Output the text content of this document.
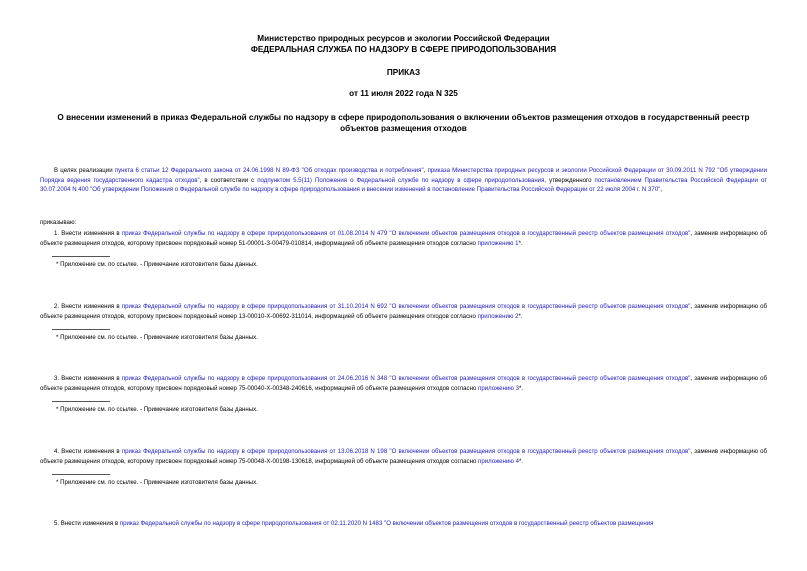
Министерство природных ресурсов и экологии Российской Федерации
ФЕДЕРАЛЬНАЯ СЛУЖБА ПО НАДЗОРУ В СФЕРЕ ПРИРОДОПОЛЬЗОВАНИЯ
ПРИКАЗ
от 11 июля 2022 года N 325
О внесении изменений в приказ Федеральной службы по надзору в сфере природопользования о включении объектов размещения отходов в государственный реестр объектов размещения отходов
В целях реализации пункта 6 статьи 12 Федерального закона от 24.06.1998 N 89-ФЗ "Об отходах производства и потребления", приказа Министерства природных ресурсов и экологии Российской Федерации от 30.09.2011 N 792 "Об утверждении Порядка ведения государственного кадастра отходов", в соответствии с подпунктом 5.5(11) Положения о Федеральной службе по надзору в сфере природопользования, утвержденного постановлением Правительства Российской Федерации от 30.07.2004 N 400 "Об утверждении Положения о Федеральной службе по надзору в сфере природопользования и внесении изменений в постановление Правительства Российской Федерации от 22 июля 2004 г. N 370",
приказываю:
1. Внести изменения в приказ Федеральной службы по надзору в сфере природопользования от 01.08.2014 N 479 "О включении объектов размещения отходов в государственный реестр объектов размещения отходов", заменив информацию об объекте размещения отходов, которому присвоен порядковый номер 51-00001-З-00479-010814, информацией об объекте размещения отходов согласно приложению 1*.
* Приложение см. по ссылке. - Примечание изготовителя базы данных.
2. Внести изменения в приказ Федеральной службы по надзору в сфере природопользования от 31.10.2014 N 692 "О включении объектов размещения отходов в государственный реестр объектов размещения отходов", заменив информацию об объекте размещения отходов, которому присвоен порядковый номер 13-00010-Х-00692-311014, информацией об объекте размещения отходов согласно приложению 2*.
* Приложение см. по ссылке. - Примечание изготовителя базы данных.
3. Внести изменения в приказ Федеральной службы по надзору в сфере природопользования от 24.06.2016 N 348 "О включении объектов размещения отходов в государственный реестр объектов размещения отходов", заменив информацию об объекте размещения отходов, которому присвоен порядковый номер 75-00040-Х-00348-240616, информацией об объекте размещения отходов согласно приложению 3*.
* Приложение см. по ссылке. - Примечание изготовителя базы данных.
4. Внести изменения в приказ Федеральной службы по надзору в сфере природопользования от 13.06.2018 N 198 "О включении объектов размещения отходов в государственный реестр объектов размещения отходов", заменив информацию об объекте размещения отходов, которому присвоен порядковый номер 75-00048-Х-00198-130618, информацией об объекте размещения отходов согласно приложению 4*.
* Приложение см. по ссылке. - Примечание изготовителя базы данных.
5. Внести изменения в приказ Федеральной службы по надзору в сфере природопользования от 02.11.2020 N 1483 "О включении объектов размещения отходов в государственный реестр объектов размещения
